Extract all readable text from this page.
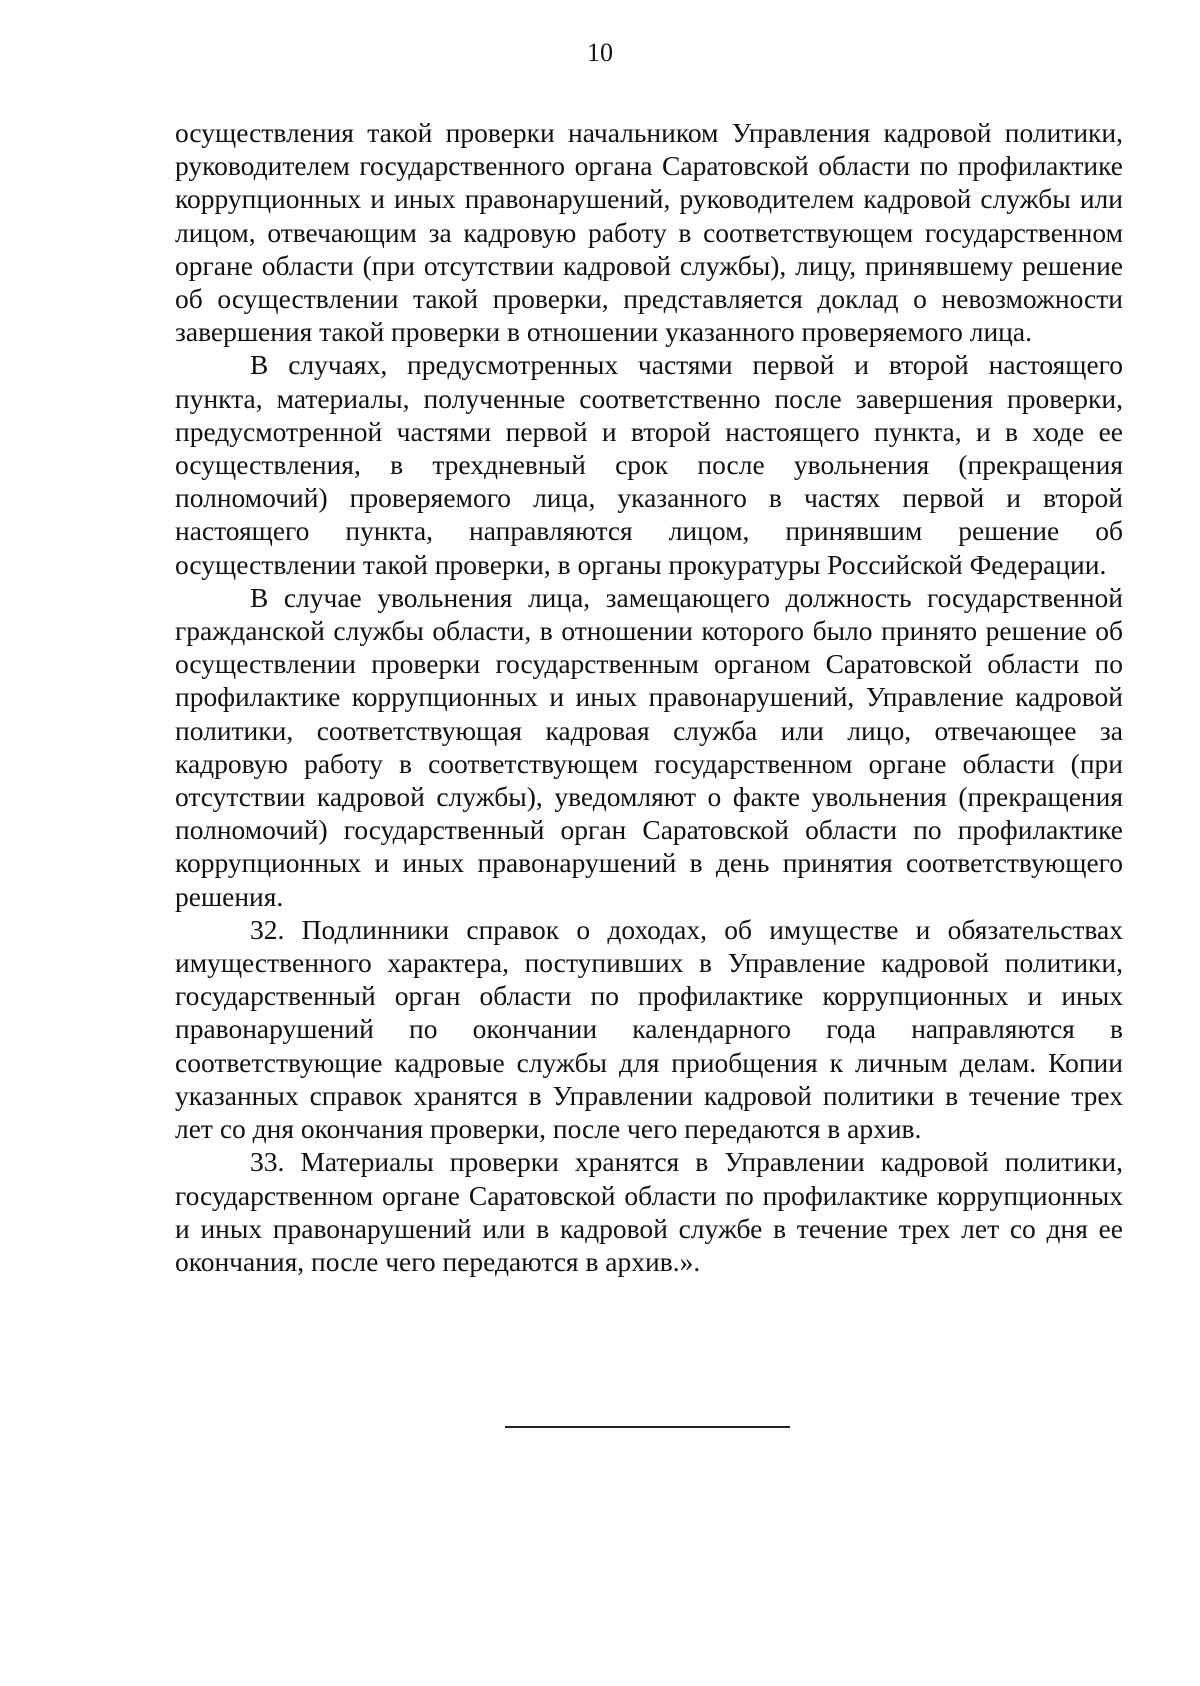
10

осуществления такой проверки начальником Управления кадровой политики, руководителем государственного органа Саратовской области по профилактике коррупционных и иных правонарушений, руководителем кадровой службы или лицом, отвечающим за кадровую работу в соответствующем государственном органе области (при отсутствии кадровой службы), лицу, принявшему решение об осуществлении такой проверки, представляется доклад о невозможности завершения такой проверки в отношении указанного проверяемого лица.

В случаях, предусмотренных частями первой и второй настоящего пункта, материалы, полученные соответственно после завершения проверки, предусмотренной частями первой и второй настоящего пункта, и в ходе ее осуществления, в трехдневный срок после увольнения (прекращения полномочий) проверяемого лица, указанного в частях первой и второй настоящего пункта, направляются лицом, принявшим решение об осуществлении такой проверки, в органы прокуратуры Российской Федерации.

В случае увольнения лица, замещающего должность государственной гражданской службы области, в отношении которого было принято решение об осуществлении проверки государственным органом Саратовской области по профилактике коррупционных и иных правонарушений, Управление кадровой политики, соответствующая кадровая служба или лицо, отвечающее за кадровую работу в соответствующем государственном органе области (при отсутствии кадровой службы), уведомляют о факте увольнения (прекращения полномочий) государственный орган Саратовской области по профилактике коррупционных и иных правонарушений в день принятия соответствующего решения.

32. Подлинники справок о доходах, об имуществе и обязательствах имущественного характера, поступивших в Управление кадровой политики, государственный орган области по профилактике коррупционных и иных правонарушений по окончании календарного года направляются в соответствующие кадровые службы для приобщения к личным делам. Копии указанных справок хранятся в Управлении кадровой политики в течение трех лет со дня окончания проверки, после чего передаются в архив.

33. Материалы проверки хранятся в Управлении кадровой политики, государственном органе Саратовской области по профилактике коррупционных и иных правонарушений или в кадровой службе в течение трех лет со дня ее окончания, после чего передаются в архив.».
